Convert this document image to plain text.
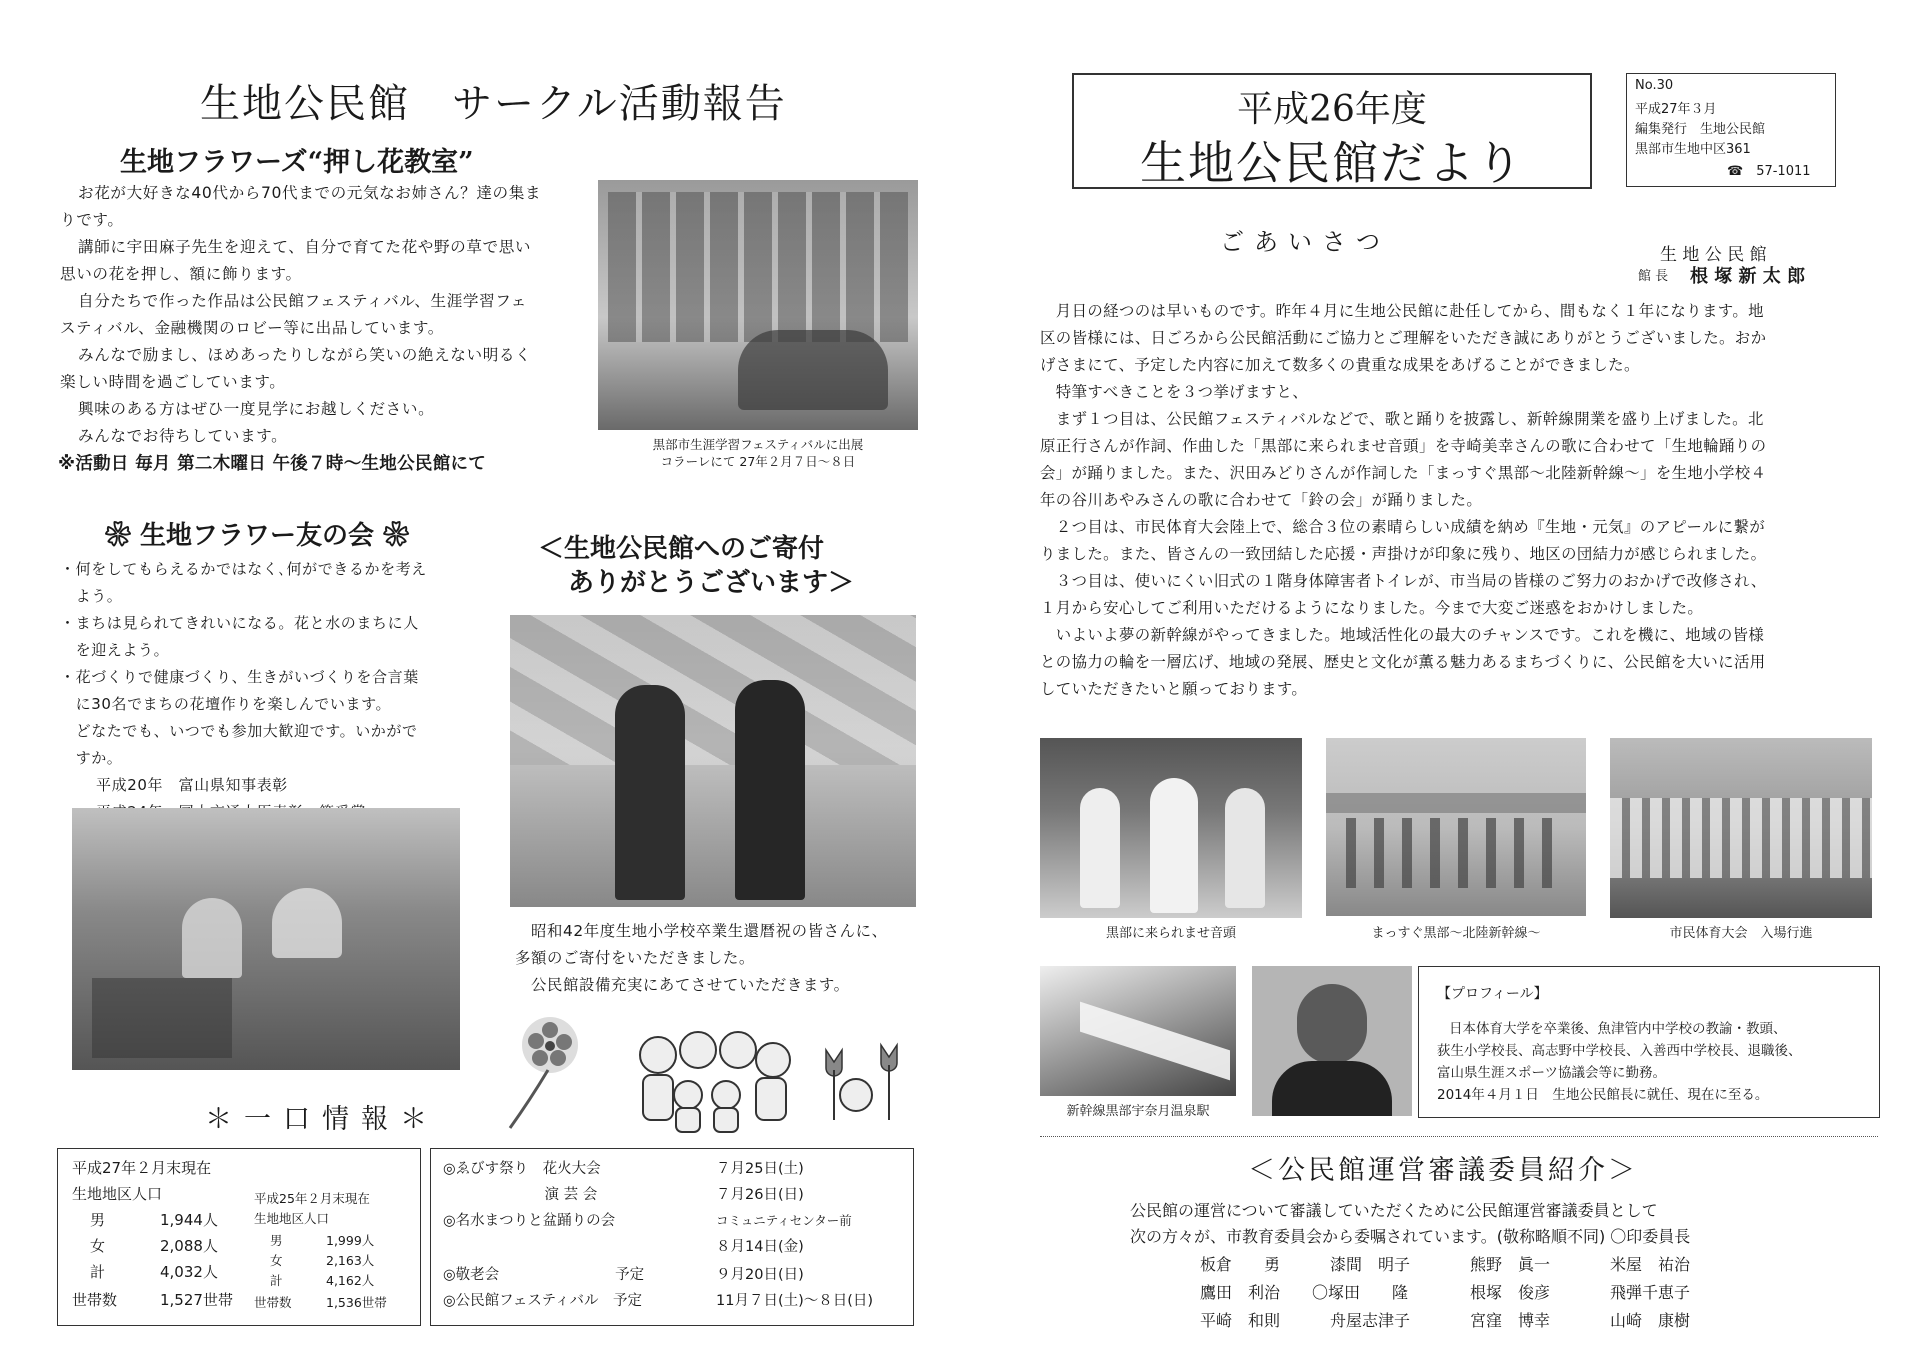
生地公民館　サークル活動報告
生地フラワーズ“押し花教室”

お花が大好きな40代から70代までの元気なお姉さん？達の集ま

りです。

講師に宇田麻子先生を迎えて、自分で育てた花や野の草で思い

思いの花を押し、額に飾ります。

自分たちで作った作品は公民館フェスティバル、生涯学習フェ

スティバル、金融機関のロビー等に出品しています。

みんなで励まし、ほめあったりしながら笑いの絶えない明るく

楽しい時間を過ごしています。

興味のある方はぜひ一度見学にお越しください。

みんなでお待ちしています。

※活動日 毎月 第二木曜日 午後７時～生地公民館にて
黒部市生涯学習フェスティバルに出展
コラーレにて 27年２月７日～８日
❀ 生地フラワー友の会 ❀

・何をしてもらえるかではなく､何ができるかを考え

　よう。

・まちは見られてきれいになる。花と水のまちに人

　を迎えよう。

・花づくりで健康づくり、生きがいづくりを合言葉

　に30名でまちの花壇作りを楽しんでいます。

　どなたでも、いつでも参加大歓迎です。いかがで

　すか。

平成20年　富山県知事表彰

＜生地公民館へのご寄付
ありがとうございます＞

昭和42年度生地小学校卒業生還暦祝の皆さんに、

多額のご寄付をいただきました。

公民館設備充実にあてさせていただきます。

＊一口情報＊
平成27年２月末現在
生地地区人口
男	1,944人
女	2,088人
計	4,032人
世帯数	1,527世帯
平成25年２月末現在
生地地区人口
男	1,999人
女	2,163人
計	4,162人
世帯数	1,536世帯
◎ゑびす祭り　花火大会	７月25日(土)
　　　　　　　演 芸 会	７月26日(日)
◎名水まつりと盆踊りの会	コミュニティセンター前
８月14日(金)
◎敬老会　　　　　　　　予定	９月20日(日)
◎公民館フェスティバル　予定	11月７日(土)～８日(日)
平成26年度
生地公民館だより
No.30
平成27年３月
編集発行　生地公民館
黒部市生地中区361
☎　57-1011
ごあいさつ	生 地 公 民 館
館 長 根 塚 新 太 郎

　月日の経つのは早いものです。昨年４月に生地公民館に赴任してから、間もなく１年になります。地

区の皆様には、日ごろから公民館活動にご協力とご理解をいただき誠にありがとうございました。おか

げさまにて、予定した内容に加えて数多くの貴重な成果をあげることができました。

　特筆すべきことを３つ挙げますと、

　まず１つ目は、公民館フェスティバルなどで、歌と踊りを披露し、新幹線開業を盛り上げました。北

原正行さんが作詞、作曲した「黒部に来られませ音頭」を寺崎美幸さんの歌に合わせて「生地輪踊りの

会」が踊りました。また、沢田みどりさんが作詞した「まっすぐ黒部～北陸新幹線～」を生地小学校４

年の谷川あやみさんの歌に合わせて「鈴の会」が踊りました。

　２つ目は、市民体育大会陸上で、総合３位の素晴らしい成績を納め『生地・元気』のアピールに繋が

りました。また、皆さんの一致団結した応援・声掛けが印象に残り、地区の団結力が感じられました。

　３つ目は、使いにくい旧式の１階身体障害者トイレが、市当局の皆様のご努力のおかげで改修され、

１月から安心してご利用いただけるようになりました。今まで大変ご迷惑をおかけしました。

　いよいよ夢の新幹線がやってきました。地域活性化の最大のチャンスです。これを機に、地域の皆様

との協力の輪を一層広げ、地域の発展、歴史と文化が薫る魅力あるまちづくりに、公民館を大いに活用

していただきたいと願っております。

黒部に来られませ音頭	まっすぐ黒部～北陸新幹線～	市民体育大会　入場行進
新幹線黒部宇奈月温泉駅
【プロフィール】
日本体育大学を卒業後、魚津管内中学校の教諭・教頭、
荻生小学校長、高志野中学校長、入善西中学校長、退職後、
富山県生涯スポーツ協議会等に勤務。
2014年４月１日　生地公民館長に就任、現在に至る。
＜公民館運営審議委員紹介＞
公民館の運営について審議していただくために公民館運営審議委員として
次の方々が、市教育委員会から委嘱されています。(敬称略順不同) 〇印委員長
板倉　　勇	漆間　明子	熊野　眞一	米屋　祐治
鷹田　利治 〇塚田　　隆	根塚　俊彦	飛弾千恵子
平崎　和則	舟屋志津子	宮窪　博幸	山崎　康樹
